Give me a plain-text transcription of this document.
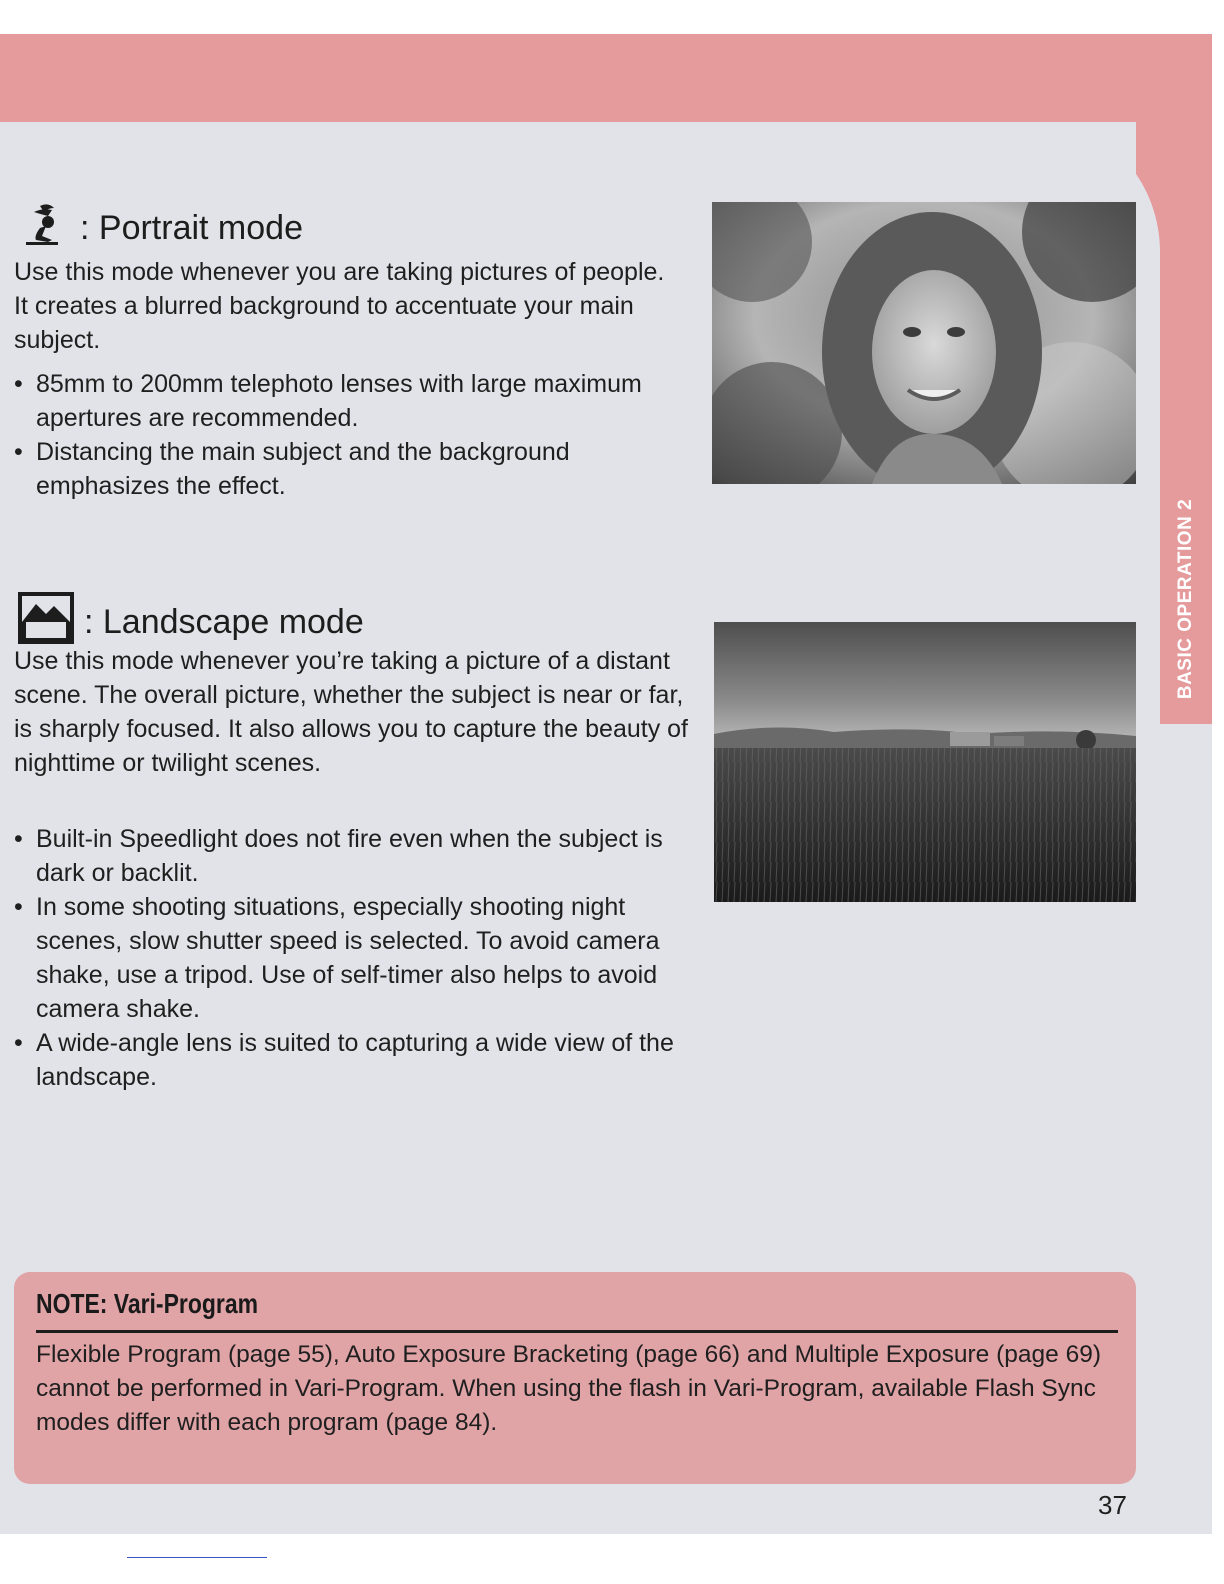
BASIC OPERATION 2
: Portrait mode

Use this mode whenever you are taking pictures of people. It creates a blurred background to accentuate your main subject.

• 85mm to 200mm telephoto lenses with large maximum apertures are recommended.
• Distancing the main subject and the background emphasizes the effect.
: Landscape mode

Use this mode whenever you’re taking a picture of a distant scene. The overall picture, whether the subject is near or far, is sharply focused. It also allows you to capture the beauty of nighttime or twilight scenes.

• Built-in Speedlight does not fire even when the subject is dark or backlit.
• In some shooting situations, especially shooting night scenes, slow shutter speed is selected. To avoid camera shake, use a tripod. Use of self-timer also helps to avoid camera shake.
• A wide-angle lens is suited to capturing a wide view of the landscape.
NOTE: Vari-Program

Flexible Program (page 55), Auto Exposure Bracketing (page 66) and Multiple Exposure (page 69) cannot be performed in Vari-Program. When using the flash in Vari-Program, available Flash Sync modes differ with each program (page 84).

37
